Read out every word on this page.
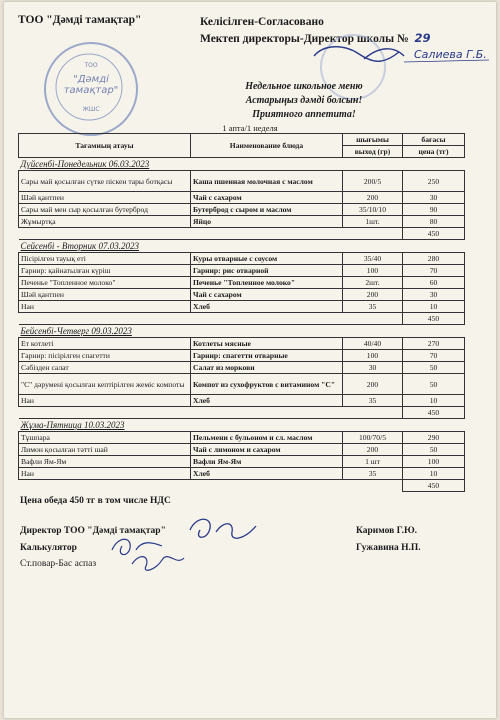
ТОО "Дәмді тамақтар"	Келісілген-Согласовано
Мектеп директоры-Директор школы № 29
Салиева Г.Б.
ТОО
"Дәмді тамақтар"
ЖШС
Недельное школьное меню
Астарыңыз дәмді болсын!
Приятного аппетита!
1 апта/1 неделя
Тағамның атауы	Наименование блюда	шығымы	бағасы
		выход (гр)	цена (тг)
Дүйсенбі-Понедельник 06.03.2023			
Сары май қосылған сүтке піскен тары ботқасы	Каша пшенная молочная с маслом	200/5	250
Шәй қантпен	Чай с сахаром	200	30
Сары май мен сыр қосылған бутерброд	Бутерброд с сыром и маслом	35/10/10	90
Жұмыртқа	Яйцо	1шт.	80
			450
Сейсенбі - Вторник 07.03.2023			
Пісірілген тауық еті	Куры отварные с соусом	35/40	280
Гарнир: қайнатылған күріш	Гарнир: рис отварной	100	70
Печенье "Топленное молоко"	Печенье "Топленное молоко"	2шт.	60
Шәй қантпен	Чай с сахаром	200	30
Нан	Хлеб	35	10
			450
Бейсенбі-Четверг 09.03.2023			
Ет котлеті	Котлеты мясные	40/40	270
Гарнир: пісірілген спагетти	Гарнир: спагетти отварные	100	70
Сәбізден салат	Салат из моркови	30	50
"С" дәрумені қосылған кептірілген жеміс компоты	Компот из сухофруктов с витамином "С"	200	50
Нан	Хлеб	35	10
			450
Жұма-Пятница 10.03.2023			
Тұшпара	Пельмени с бульоном и сл. маслом	100/70/5	290
Лимон қосылған тәтті шай	Чай с лимоном и сахаром	200	50
Вафли Ям-Ям	Вафли Ям-Ям	1 шт	100
Нан	Хлеб	35	10
			450
Цена обеда 450 тг в том числе НДС
Директор ТОО "Дәмді тамақтар"	Каримов Г.Ю.
Калькулятор	Гужавина Н.П.
Ст.повар-Бас аспаз
